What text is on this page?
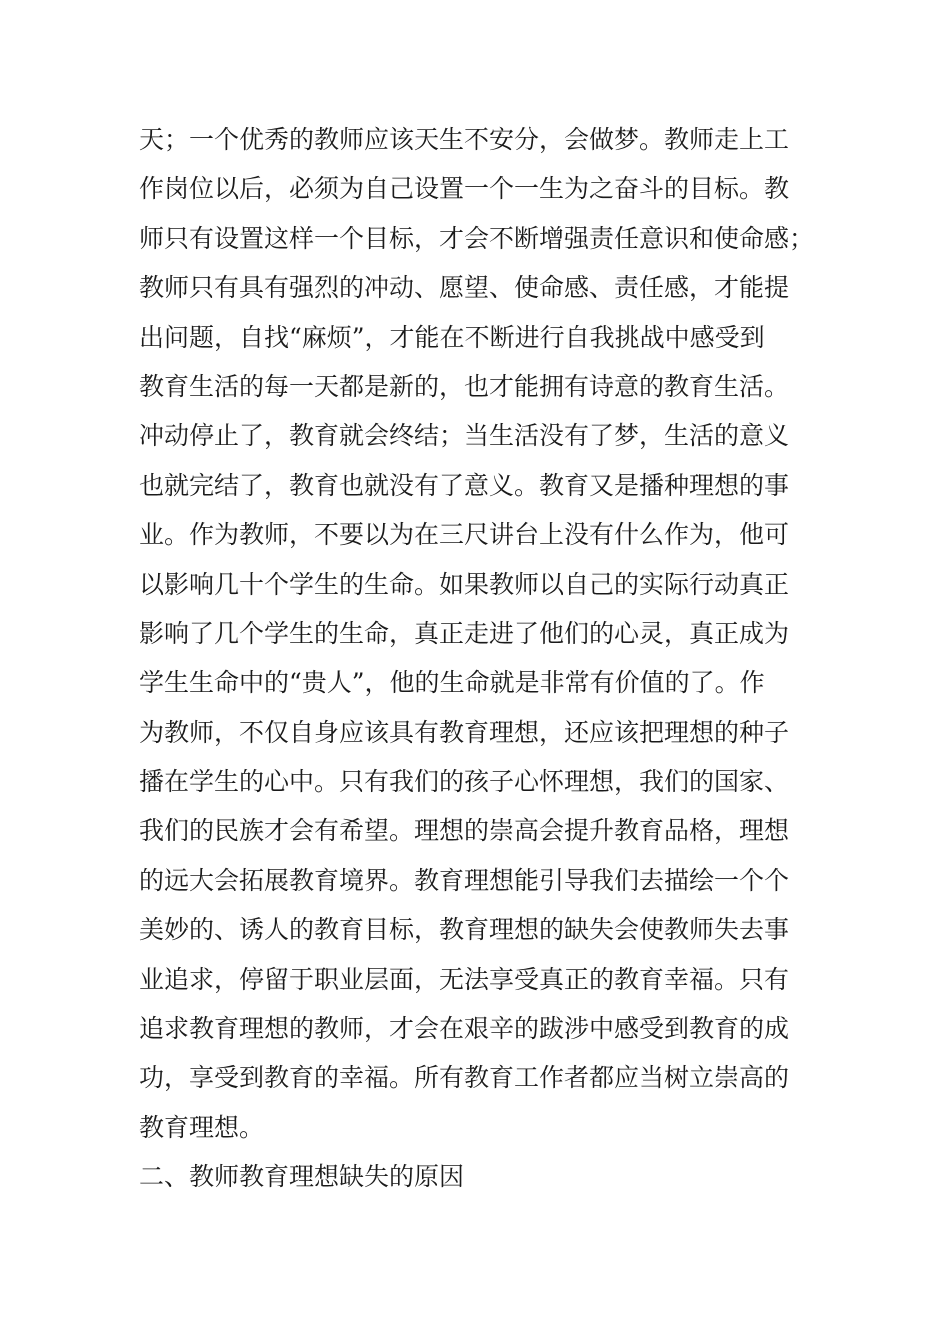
天；一个优秀的教师应该天生不安分，会做梦。教师走上工
作岗位以后，必须为自己设置一个一生为之奋斗的目标。教
师只有设置这样一个目标，才会不断增强责任意识和使命感；
教师只有具有强烈的冲动、愿望、使命感、责任感，才能提
出问题，自找“麻烦”，才能在不断进行自我挑战中感受到
教育生活的每一天都是新的，也才能拥有诗意的教育生活。
冲动停止了，教育就会终结；当生活没有了梦，生活的意义
也就完结了，教育也就没有了意义。教育又是播种理想的事
业。作为教师，不要以为在三尺讲台上没有什么作为，他可
以影响几十个学生的生命。如果教师以自己的实际行动真正
影响了几个学生的生命，真正走进了他们的心灵，真正成为
学生生命中的“贵人”，他的生命就是非常有价值的了。作
为教师，不仅自身应该具有教育理想，还应该把理想的种子
播在学生的心中。只有我们的孩子心怀理想，我们的国家、
我们的民族才会有希望。理想的崇高会提升教育品格，理想
的远大会拓展教育境界。教育理想能引导我们去描绘一个个
美妙的、诱人的教育目标，教育理想的缺失会使教师失去事
业追求，停留于职业层面，无法享受真正的教育幸福。只有
追求教育理想的教师，才会在艰辛的跋涉中感受到教育的成
功，享受到教育的幸福。所有教育工作者都应当树立崇高的
教育理想。
二、教师教育理想缺失的原因
